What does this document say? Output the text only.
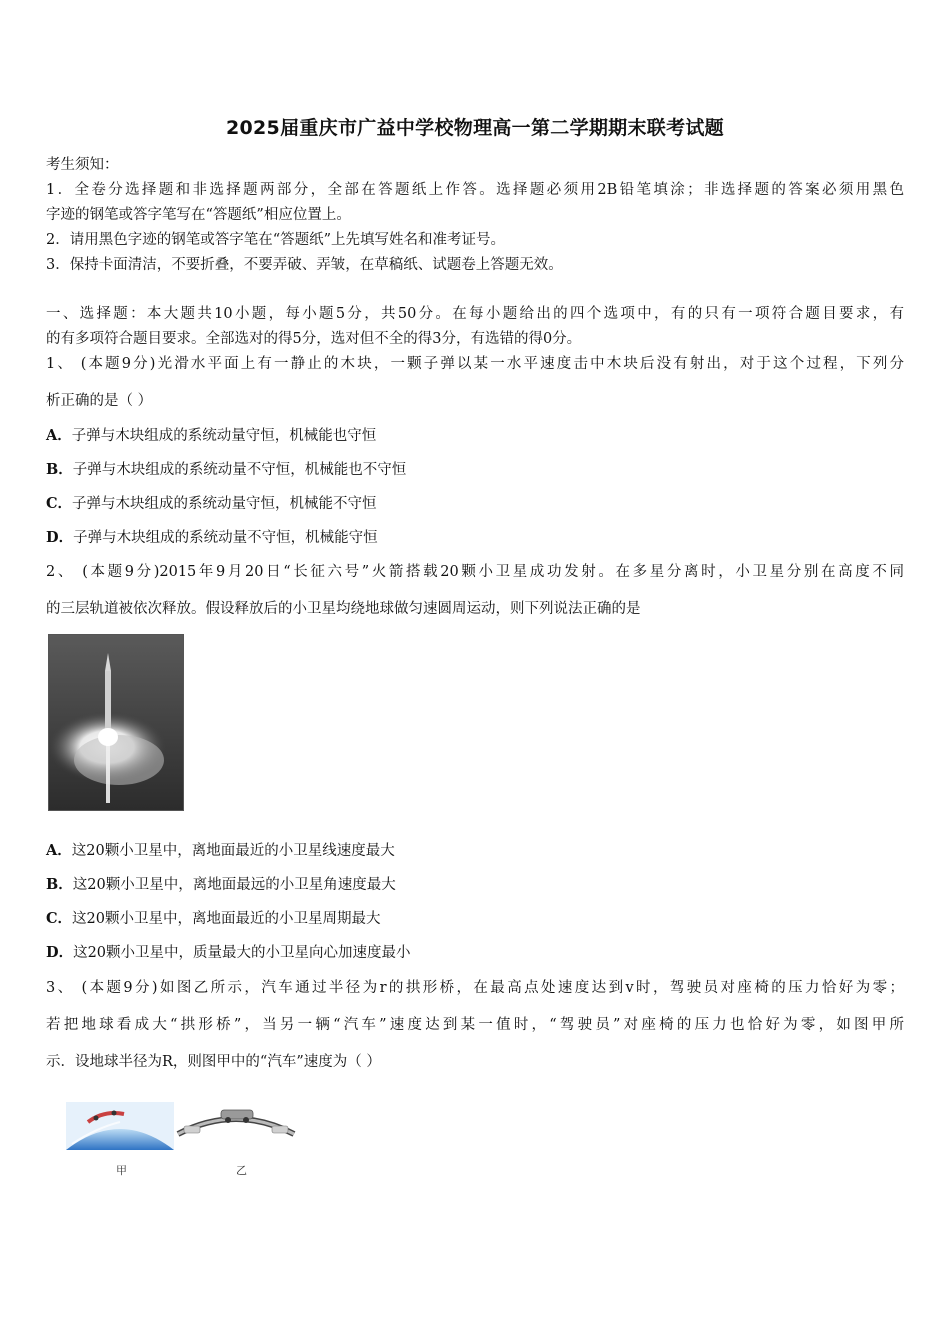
2025届重庆市广益中学校物理高一第二学期期末联考试题
考生须知：
1．全卷分选择题和非选择题两部分，全部在答题纸上作答。选择题必须用2B铅笔填涂；非选择题的答案必须用黑色
字迹的钢笔或答字笔写在“答题纸”相应位置上。
2．请用黑色字迹的钢笔或答字笔在“答题纸”上先填写姓名和准考证号。
3．保持卡面清洁，不要折叠，不要弄破、弄皱，在草稿纸、试题卷上答题无效。
一、选择题：本大题共10小题，每小题5分，共50分。在每小题给出的四个选项中，有的只有一项符合题目要求，有
的有多项符合题目要求。全部选对的得5分，选对但不全的得3分，有选错的得0分。
1、 (本题9分)光滑水平面上有一静止的木块，一颗子弹以某一水平速度击中木块后没有射出，对于这个过程，下列分
析正确的是（ ）
A．子弹与木块组成的系统动量守恒，机械能也守恒
B．子弹与木块组成的系统动量不守恒，机械能也不守恒
C．子弹与木块组成的系统动量守恒，机械能不守恒
D．子弹与木块组成的系统动量不守恒，机械能守恒
2、 (本题9分)2015年9月20日“长征六号”火箭搭载20颗小卫星成功发射。在多星分离时，小卫星分别在高度不同
的三层轨道被依次释放。假设释放后的小卫星均绕地球做匀速圆周运动，则下列说法正确的是
A．这20颗小卫星中，离地面最近的小卫星线速度最大
B．这20颗小卫星中，离地面最远的小卫星角速度最大
C．这20颗小卫星中，离地面最近的小卫星周期最大
D．这20颗小卫星中，质量最大的小卫星向心加速度最小
3、 (本题9分)如图乙所示，汽车通过半径为r的拱形桥，在最高点处速度达到v时，驾驶员对座椅的压力恰好为零；
若把地球看成大“拱形桥”，当另一辆“汽车”速度达到某一值时，“驾驶员”对座椅的压力也恰好为零，如图甲所
示．设地球半径为R，则图甲中的“汽车”速度为（ ）
甲	乙
